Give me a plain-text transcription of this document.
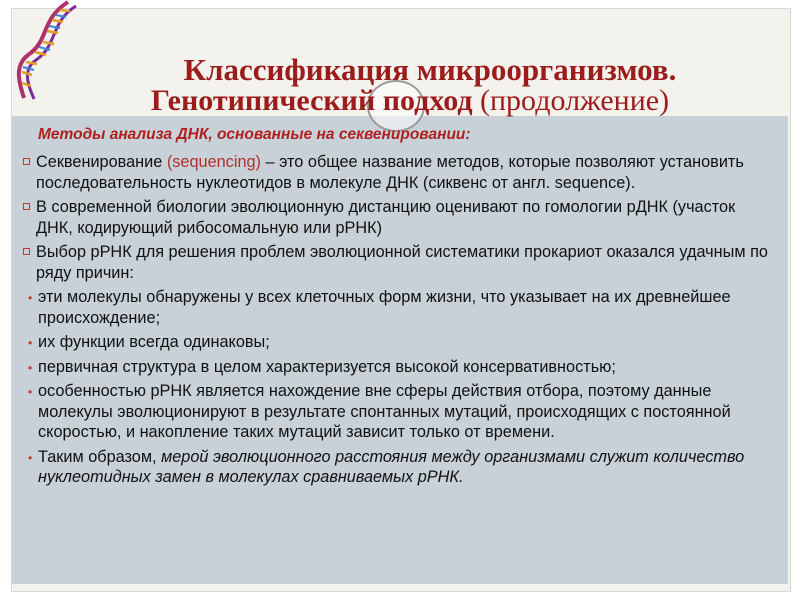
Классификация микроорганизмов.
Генотипический подход (продолжение)
Методы анализа ДНК, основанные на секвенировании:
Секвенирование (sequencing) – это общее название методов, которые позволяют установить последовательность нуклеотидов в молекуле ДНК (сиквенс от англ. sequence).
В современной биологии эволюционную дистанцию оценивают по гомологии рДНК (участок ДНК, кодирующий рибосомальную или рРНК)
Выбор рРНК для решения проблем эволюционной систематики прокариот оказался удачным по ряду причин:
• эти молекулы обнаружены у всех клеточных форм жизни, что указывает на их древнейшее происхождение;
• их функции всегда одинаковы;
• первичная структура в целом характеризуется высокой консервативностью;
• особенностью рРНК является нахождение вне сферы действия отбора, поэтому данные молекулы эволюционируют в результате спонтанных мутаций, происходящих с постоянной скоростью, и накопление таких мутаций зависит только от времени.
• Таким образом, мерой эволюционного расстояния между организмами служит количество нуклеотидных замен в молекулах сравниваемых рРНК.
